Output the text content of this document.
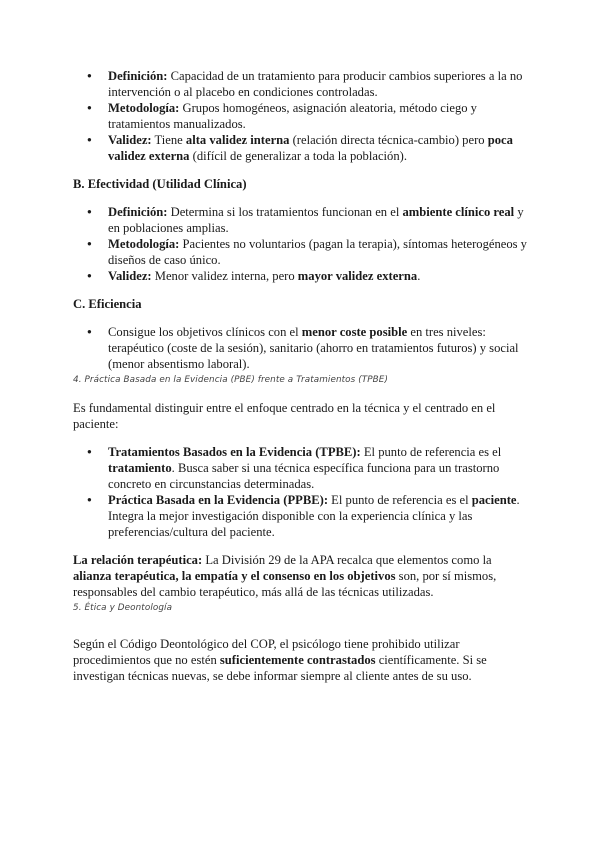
● Definición: Capacidad de un tratamiento para producir cambios superiores a la no intervención o al placebo en condiciones controladas.
● Metodología: Grupos homogéneos, asignación aleatoria, método ciego y tratamientos manualizados.
● Validez: Tiene alta validez interna (relación directa técnica-cambio) pero poca validez externa (difícil de generalizar a toda la población).

B. Efectividad (Utilidad Clínica)

● Definición: Determina si los tratamientos funcionan en el ambiente clínico real y en poblaciones amplias.
● Metodología: Pacientes no voluntarios (pagan la terapia), síntomas heterogéneos y diseños de caso único.
● Validez: Menor validez interna, pero mayor validez externa.

C. Eficiencia

● Consigue los objetivos clínicos con el menor coste posible en tres niveles: terapéutico (coste de la sesión), sanitario (ahorro en tratamientos futuros) y social (menor absentismo laboral).

4. Práctica Basada en la Evidencia (PBE) frente a Tratamientos (TPBE)

Es fundamental distinguir entre el enfoque centrado en la técnica y el centrado en el paciente:

● Tratamientos Basados en la Evidencia (TPBE): El punto de referencia es el tratamiento. Busca saber si una técnica específica funciona para un trastorno concreto en circunstancias determinadas.
● Práctica Basada en la Evidencia (PPBE): El punto de referencia es el paciente. Integra la mejor investigación disponible con la experiencia clínica y las preferencias/cultura del paciente.

La relación terapéutica: La División 29 de la APA recalca que elementos como la alianza terapéutica, la empatía y el consenso en los objetivos son, por sí mismos, responsables del cambio terapéutico, más allá de las técnicas utilizadas.

5. Ética y Deontología

Según el Código Deontológico del COP, el psicólogo tiene prohibido utilizar procedimientos que no estén suficientemente contrastados científicamente. Si se investigan técnicas nuevas, se debe informar siempre al cliente antes de su uso.
